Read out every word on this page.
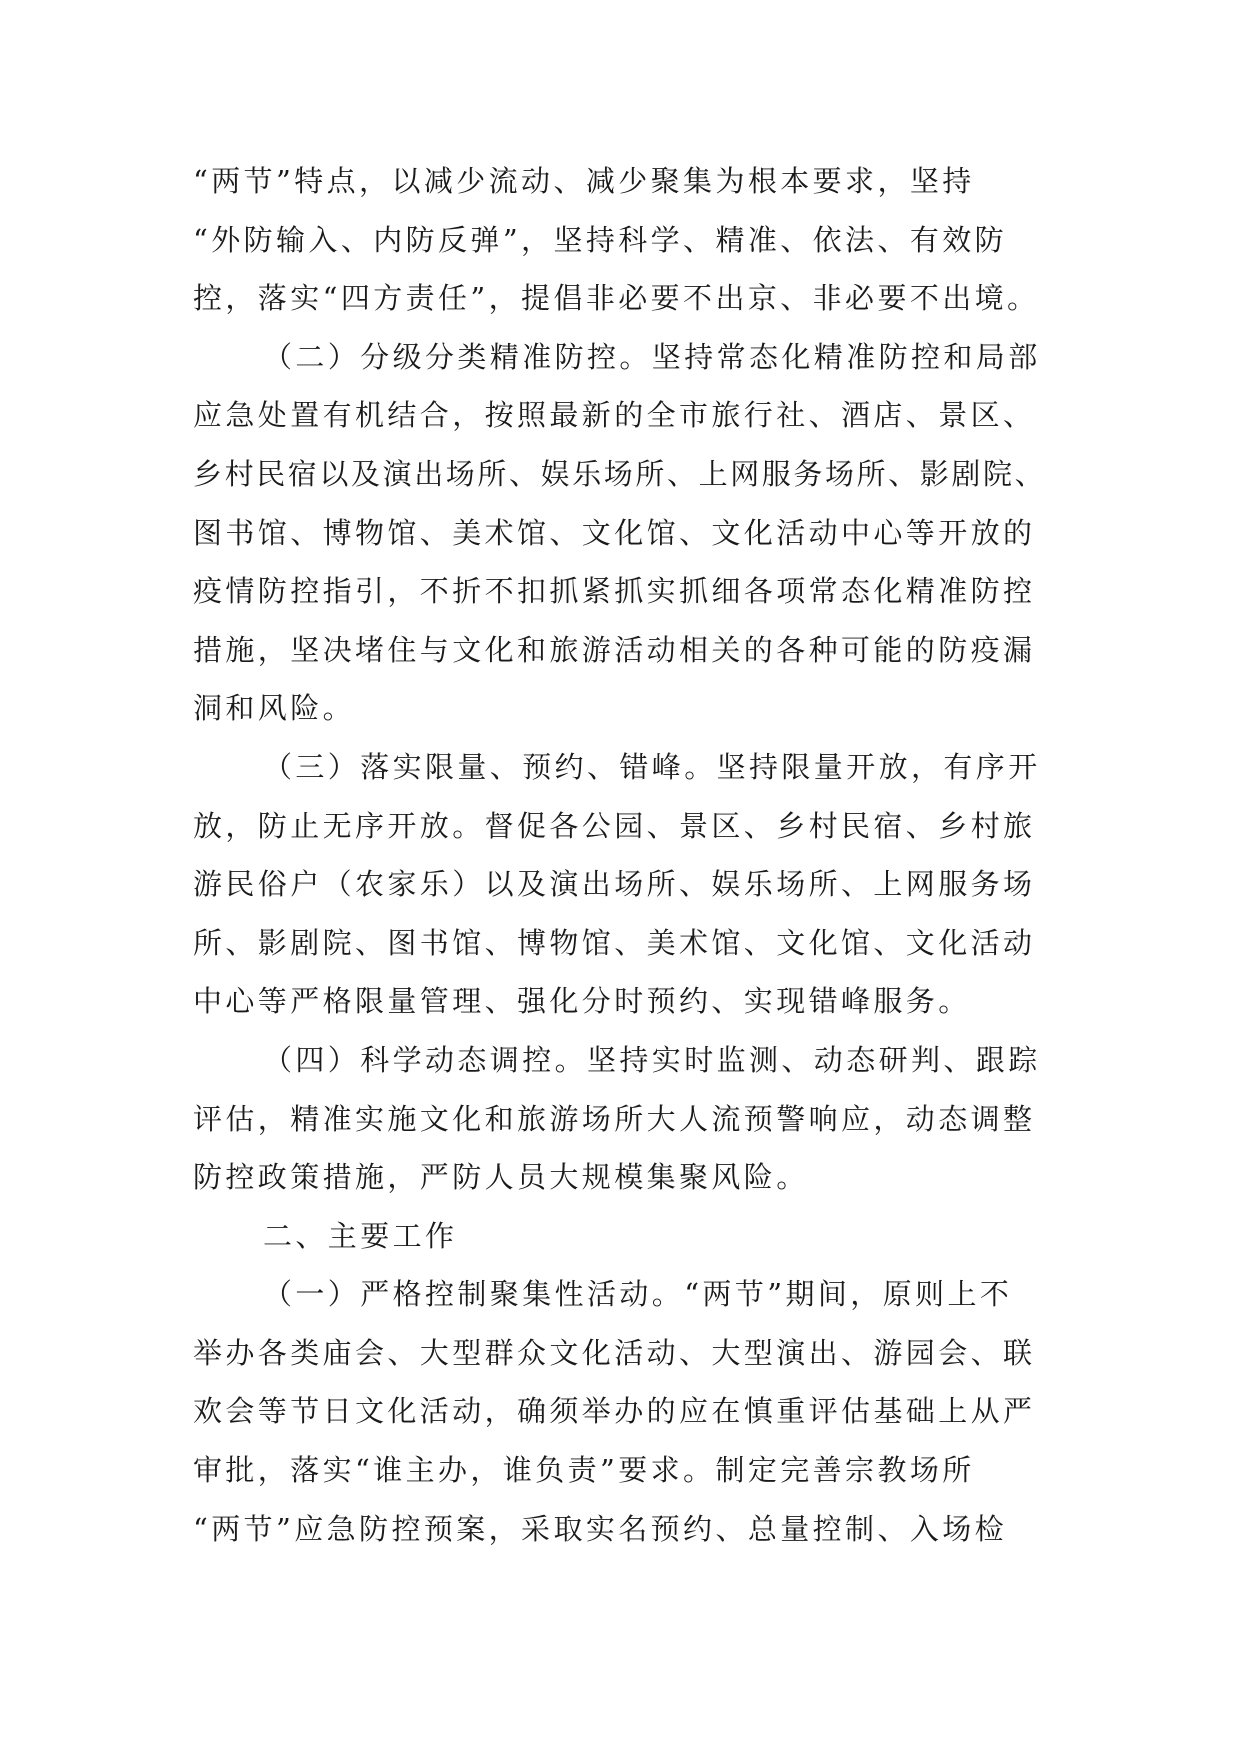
“两节”特点，以减少流动、减少聚集为根本要求，坚持
“外防输入、内防反弹”，坚持科学、精准、依法、有效防
控，落实“四方责任”，提倡非必要不出京、非必要不出境。
（二）分级分类精准防控。坚持常态化精准防控和局部
应急处置有机结合，按照最新的全市旅行社、酒店、景区、
乡村民宿以及演出场所、娱乐场所、上网服务场所、影剧院、
图书馆、博物馆、美术馆、文化馆、文化活动中心等开放的
疫情防控指引，不折不扣抓紧抓实抓细各项常态化精准防控
措施，坚决堵住与文化和旅游活动相关的各种可能的防疫漏
洞和风险。
（三）落实限量、预约、错峰。坚持限量开放，有序开
放，防止无序开放。督促各公园、景区、乡村民宿、乡村旅
游民俗户（农家乐）以及演出场所、娱乐场所、上网服务场
所、影剧院、图书馆、博物馆、美术馆、文化馆、文化活动
中心等严格限量管理、强化分时预约、实现错峰服务。
（四）科学动态调控。坚持实时监测、动态研判、跟踪
评估，精准实施文化和旅游场所大人流预警响应，动态调整
防控政策措施，严防人员大规模集聚风险。
二、主要工作
（一）严格控制聚集性活动。“两节”期间，原则上不
举办各类庙会、大型群众文化活动、大型演出、游园会、联
欢会等节日文化活动，确须举办的应在慎重评估基础上从严
审批，落实“谁主办，谁负责”要求。制定完善宗教场所
“两节”应急防控预案，采取实名预约、总量控制、入场检
